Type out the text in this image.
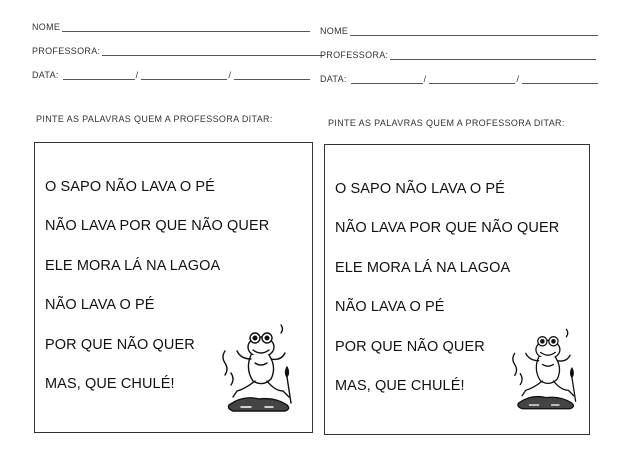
NOME
PROFESSORA:
DATA:	/	/
PINTE AS PALAVRAS QUEM A PROFESSORA DITAR:
O SAPO NÃO LAVA O PÉ
NÃO LAVA POR QUE NÃO QUER
ELE MORA LÁ NA LAGOA
NÃO LAVA O PÉ
POR QUE NÃO QUER
MAS, QUE CHULÉ!
NOME
PROFESSORA:
DATA:	/	/
PINTE AS PALAVRAS QUEM A PROFESSORA DITAR:
O SAPO NÃO LAVA O PÉ
NÃO LAVA POR QUE NÃO QUER
ELE MORA LÁ NA LAGOA
NÃO LAVA O PÉ
POR QUE NÃO QUER
MAS, QUE CHULÉ!
